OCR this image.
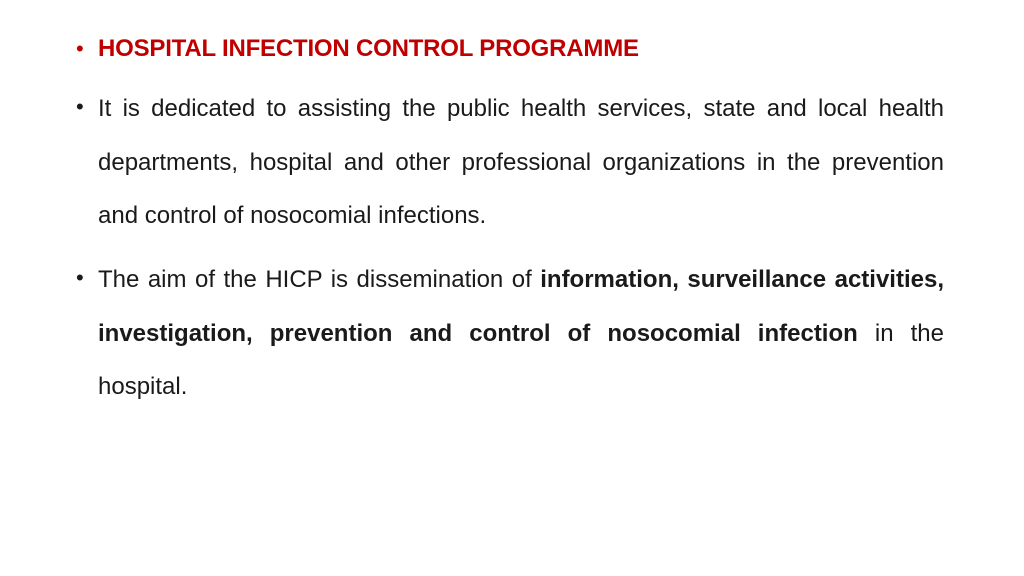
• HOSPITAL INFECTION CONTROL PROGRAMME
• It is dedicated to assisting the public health services, state and local health departments, hospital and other professional organizations in the prevention and control of nosocomial infections.
• The aim of the HICP is dissemination of information, surveillance activities, investigation, prevention and control of nosocomial infection in the hospital.
